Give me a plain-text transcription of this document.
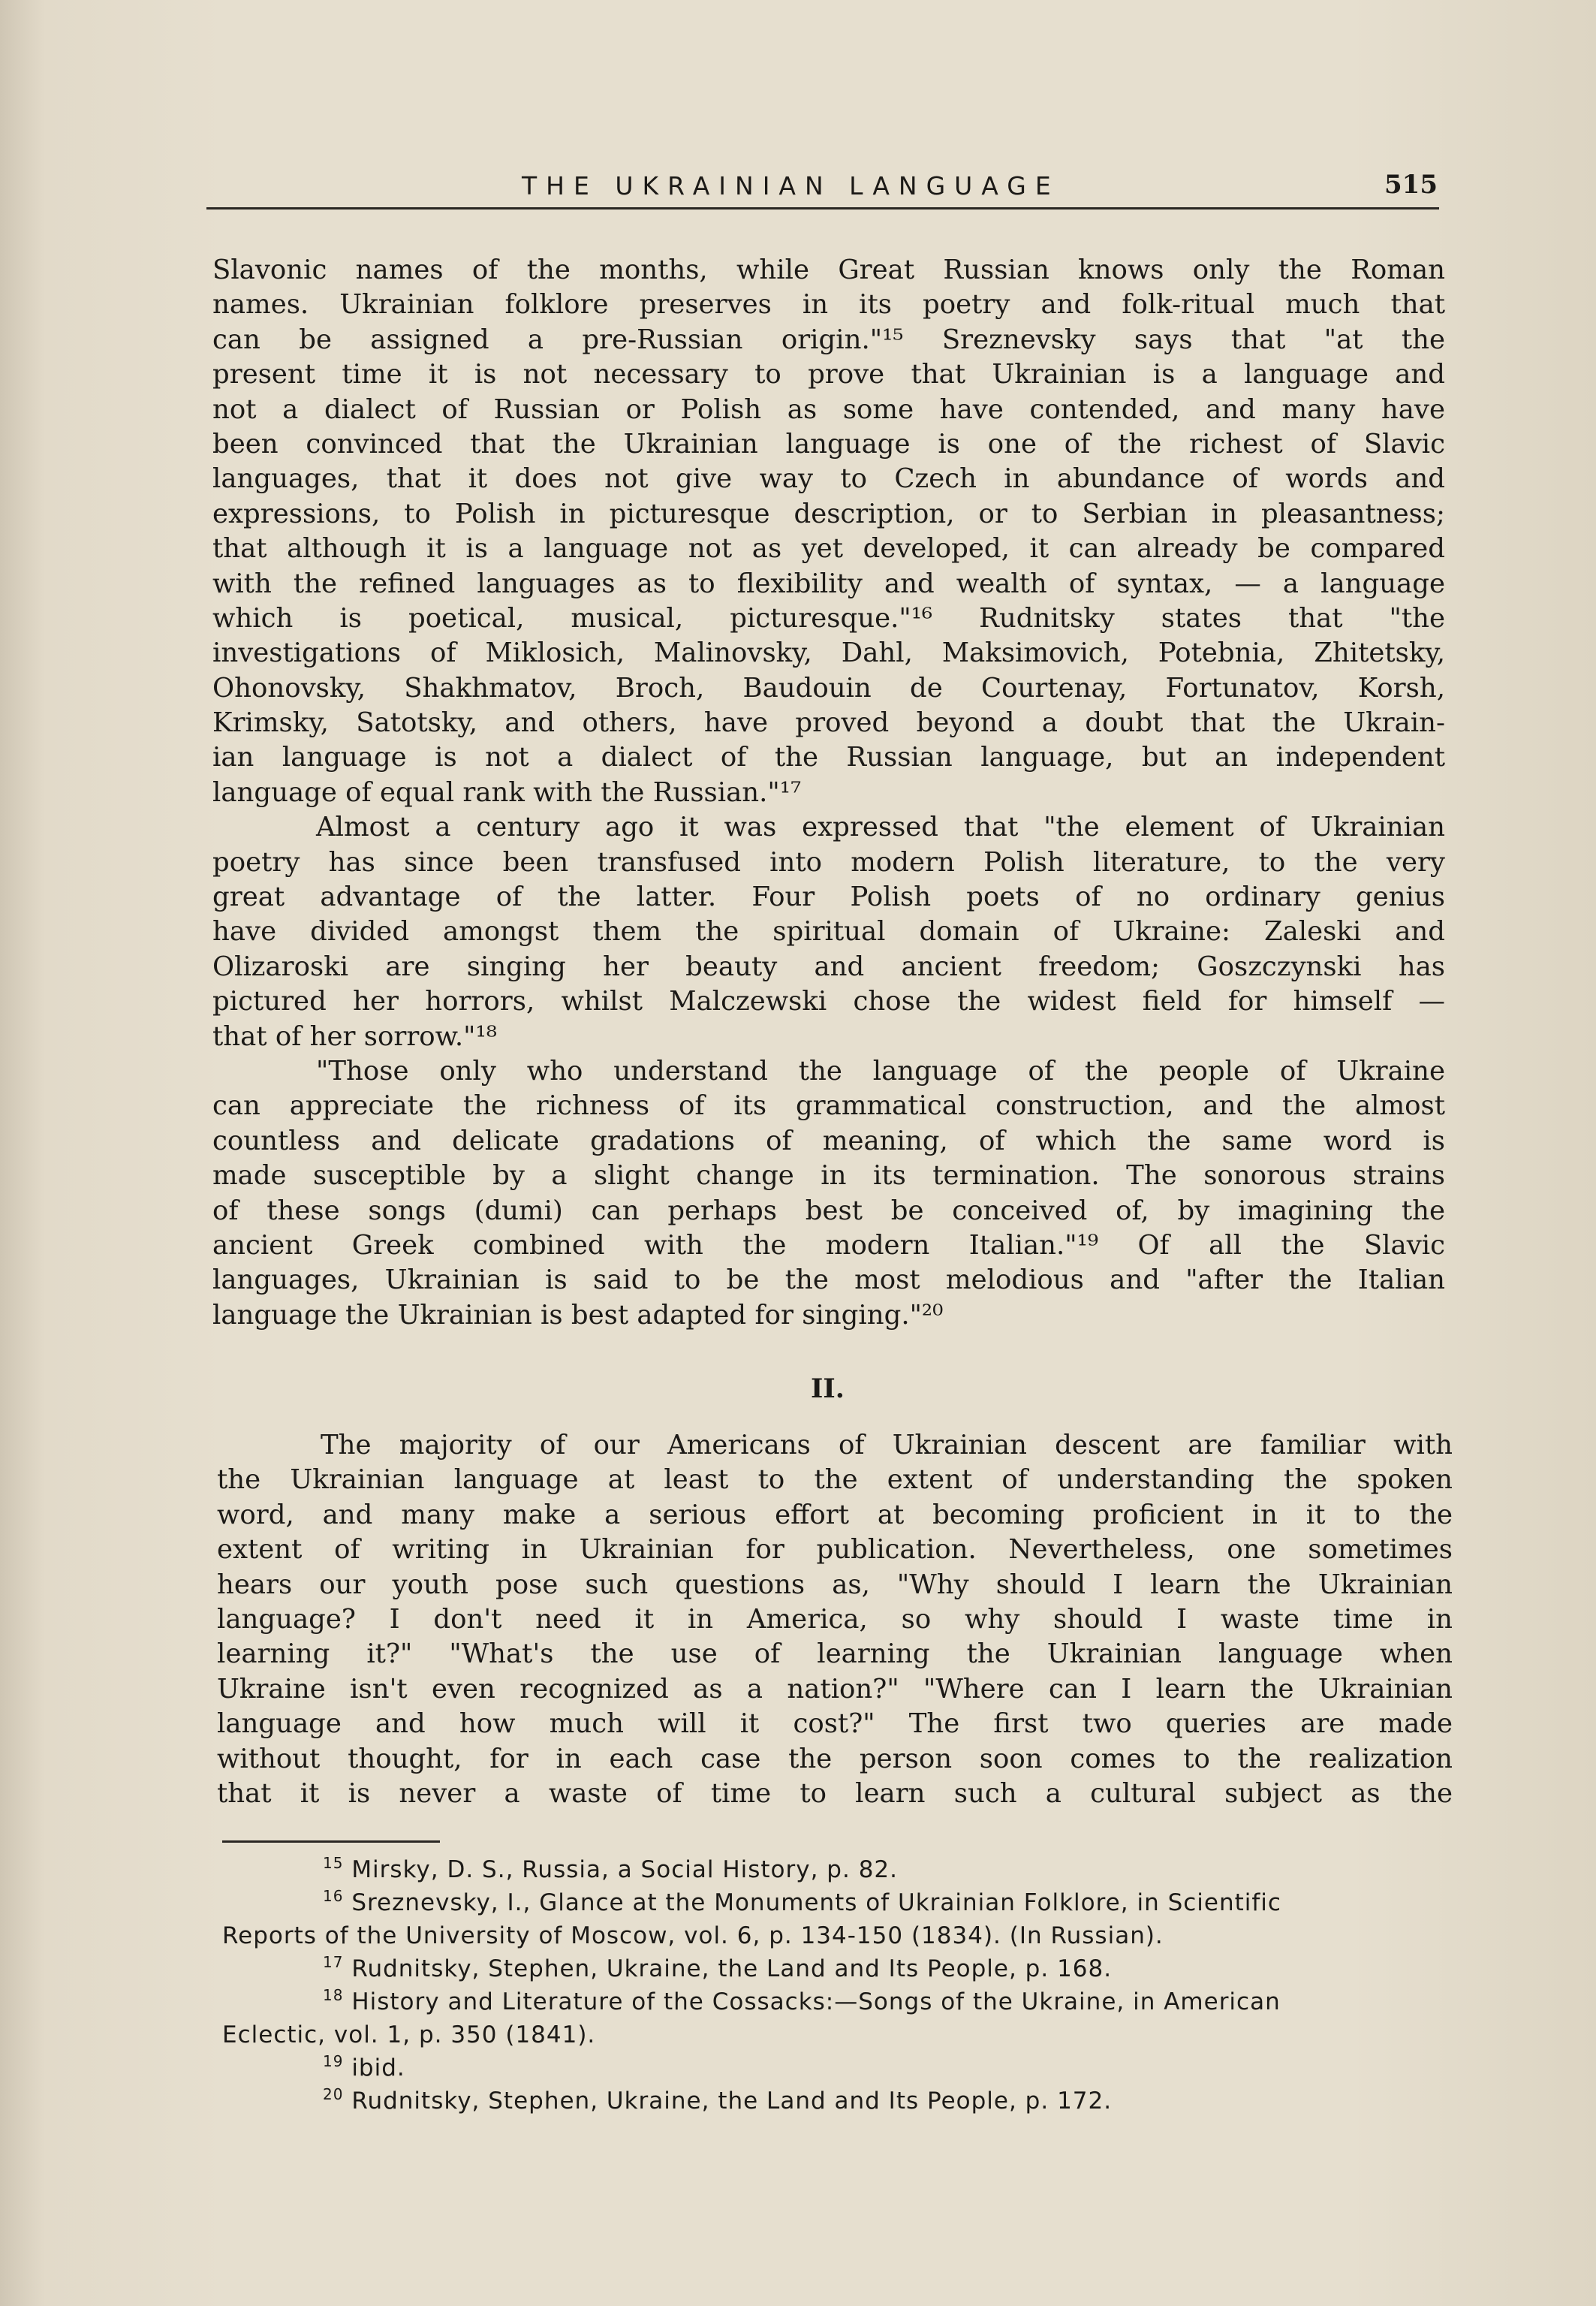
THE UKRAINIAN LANGUAGE	515
Slavonic names of the months, while Great Russian knows only the Roman
names. Ukrainian folklore preserves in its poetry and folk-ritual much that
can be assigned a pre-Russian origin."¹⁵ Sreznevsky says that "at the
present time it is not necessary to prove that Ukrainian is a language and
not a dialect of Russian or Polish as some have contended, and many have
been convinced that the Ukrainian language is one of the richest of Slavic
languages, that it does not give way to Czech in abundance of words and
expressions, to Polish in picturesque description, or to Serbian in pleasantness;
that although it is a language not as yet developed, it can already be compared
with the refined languages as to flexibility and wealth of syntax, — a language
which is poetical, musical, picturesque."¹⁶ Rudnitsky states that "the
investigations of Miklosich, Malinovsky, Dahl, Maksimovich, Potebnia, Zhitetsky,
Ohonovsky, Shakhmatov, Broch, Baudouin de Courtenay, Fortunatov, Korsh,
Krimsky, Satotsky, and others, have proved beyond a doubt that the Ukrain-
ian language is not a dialect of the Russian language, but an independent
language of equal rank with the Russian."¹⁷
Almost a century ago it was expressed that "the element of Ukrainian
poetry has since been transfused into modern Polish literature, to the very
great advantage of the latter. Four Polish poets of no ordinary genius
have divided amongst them the spiritual domain of Ukraine: Zaleski and
Olizaroski are singing her beauty and ancient freedom; Goszczynski has
pictured her horrors, whilst Malczewski chose the widest field for himself —
that of her sorrow."¹⁸
"Those only who understand the language of the people of Ukraine
can appreciate the richness of its grammatical construction, and the almost
countless and delicate gradations of meaning, of which the same word is
made susceptible by a slight change in its termination. The sonorous strains
of these songs (dumi) can perhaps best be conceived of, by imagining the
ancient Greek combined with the modern Italian."¹⁹ Of all the Slavic
languages, Ukrainian is said to be the most melodious and "after the Italian
language the Ukrainian is best adapted for singing."²⁰
II.
The majority of our Americans of Ukrainian descent are familiar with
the Ukrainian language at least to the extent of understanding the spoken
word, and many make a serious effort at becoming proficient in it to the
extent of writing in Ukrainian for publication. Nevertheless, one sometimes
hears our youth pose such questions as, "Why should I learn the Ukrainian
language? I don't need it in America, so why should I waste time in
learning it?" "What's the use of learning the Ukrainian language when
Ukraine isn't even recognized as a nation?" "Where can I learn the Ukrainian
language and how much will it cost?" The first two queries are made
without thought, for in each case the person soon comes to the realization
that it is never a waste of time to learn such a cultural subject as the
$^{15}$ Mirsky, D. S., Russia, a Social History, p. 82.
$^{16}$ Sreznevsky, I., Glance at the Monuments of Ukrainian Folklore, in Scientific
Reports of the University of Moscow, vol. 6, p. 134-150 (1834). (In Russian).
$^{17}$ Rudnitsky, Stephen, Ukraine, the Land and Its People, p. 168.
$^{18}$ History and Literature of the Cossacks:—Songs of the Ukraine, in American
Eclectic, vol. 1, p. 350 (1841).
$^{19}$ ibid.
$^{20}$ Rudnitsky, Stephen, Ukraine, the Land and Its People, p. 172.
